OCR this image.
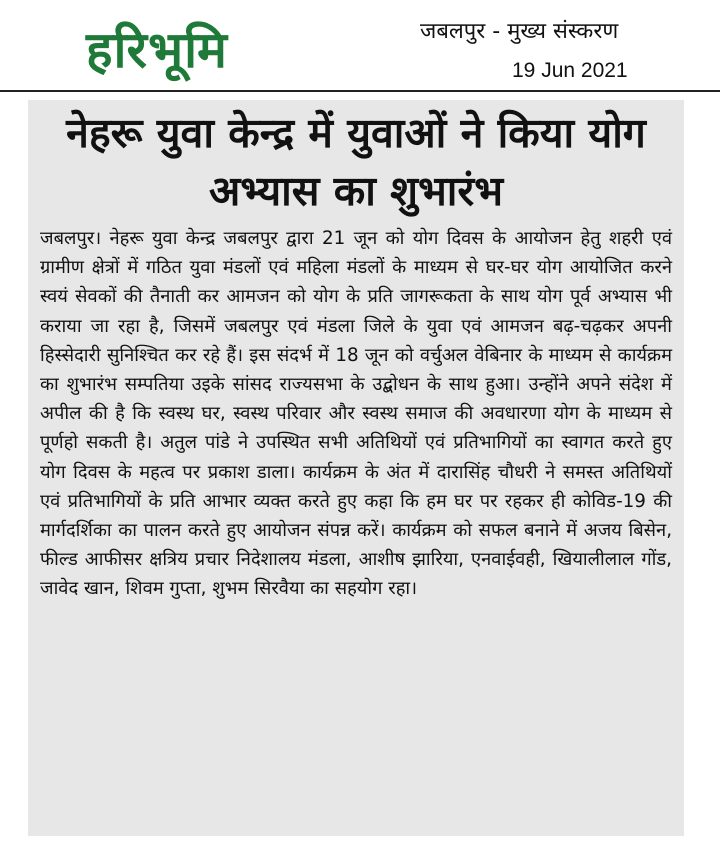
हरिभूमि	जबलपुर - मुख्य संस्करण
19 Jun 2021
नेहरू युवा केन्द्र में युवाओं ने किया योग अभ्यास का शुभारंभ
जबलपुर। नेहरू युवा केन्द्र जबलपुर द्वारा 21 जून को योग दिवस के आयोजन हेतु शहरी एवं ग्रामीण क्षेत्रों में गठित युवा मंडलों एवं महिला मंडलों के माध्यम से घर-घर योग आयोजित करने स्वयं सेवकों की तैनाती कर आमजन को योग के प्रति जागरूकता के साथ योग पूर्व अभ्यास भी कराया जा रहा है, जिसमें जबलपुर एवं मंडला जिले के युवा एवं आमजन बढ़-चढ़कर अपनी हिस्सेदारी सुनिश्चित कर रहे हैं। इस संदर्भ में 18 जून को वर्चुअल वेबिनार के माध्यम से कार्यक्रम का शुभारंभ सम्पतिया उइके सांसद राज्यसभा के उद्बोधन के साथ हुआ। उन्होंने अपने संदेश में अपील की है कि स्वस्थ घर, स्वस्थ परिवार और स्वस्थ समाज की अवधारणा योग के माध्यम से पूर्णहो सकती है। अतुल पांडे ने उपस्थित सभी अतिथियों एवं प्रतिभागियों का स्वागत करते हुए योग दिवस के महत्व पर प्रकाश डाला। कार्यक्रम के अंत में दारासिंह चौधरी ने समस्त अतिथियों एवं प्रतिभागियों के प्रति आभार व्यक्त करते हुए कहा कि हम घर पर रहकर ही कोविड-19 की मार्गदर्शिका का पालन करते हुए आयोजन संपन्न करें। कार्यक्रम को सफल बनाने में अजय बिसेन, फील्ड आफीसर क्षत्रिय प्रचार निदेशालय मंडला, आशीष झारिया, एनवाईवही, खियालीलाल गोंड, जावेद खान, शिवम गुप्ता, शुभम सिरवैया का सहयोग रहा।
